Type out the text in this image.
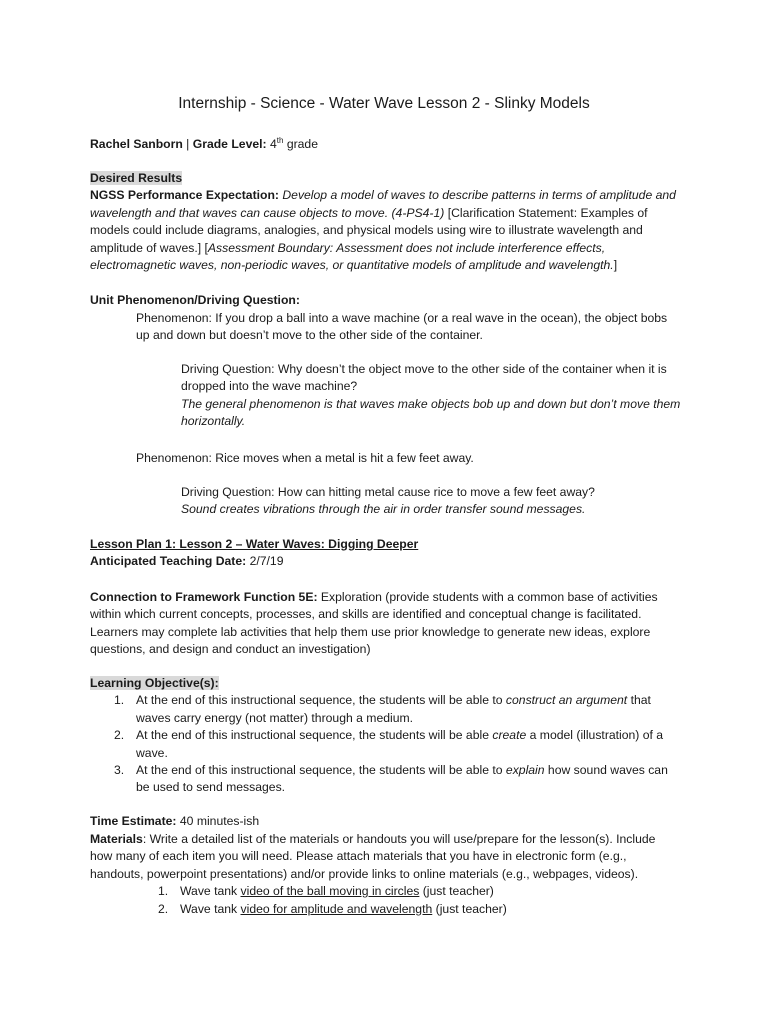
Internship - Science - Water Wave Lesson 2 - Slinky Models
Rachel Sanborn | Grade Level: 4th grade

Desired Results

NGSS Performance Expectation: Develop a model of waves to describe patterns in terms of amplitude and wavelength and that waves can cause objects to move. (4-PS4-1) [Clarification Statement: Examples of models could include diagrams, analogies, and physical models using wire to illustrate wavelength and amplitude of waves.] [Assessment Boundary: Assessment does not include interference effects, electromagnetic waves, non-periodic waves, or quantitative models of amplitude and wavelength.]

Unit Phenomenon/Driving Question:
Phenomenon: If you drop a ball into a wave machine (or a real wave in the ocean), the object bobs up and down but doesn’t move to the other side of the container.

Driving Question: Why doesn’t the object move to the other side of the container when it is dropped into the wave machine?

The general phenomenon is that waves make objects bob up and down but don’t move them horizontally.

Phenomenon: Rice moves when a metal is hit a few feet away.

Driving Question: How can hitting metal cause rice to move a few feet away?

Sound creates vibrations through the air in order transfer sound messages.

Lesson Plan 1: Lesson 2 – Water Waves: Digging Deeper

Anticipated Teaching Date: 2/7/19

Connection to Framework Function 5E: Exploration (provide students with a common base of activities within which current concepts, processes, and skills are identified and conceptual change is facilitated. Learners may complete lab activities that help them use prior knowledge to generate new ideas, explore questions, and design and conduct an investigation)

Learning Objective(s):

1. At the end of this instructional sequence, the students will be able to construct an argument that waves carry energy (not matter) through a medium.
2. At the end of this instructional sequence, the students will be able create a model (illustration) of a wave.
3. At the end of this instructional sequence, the students will be able to explain how sound waves can be used to send messages.
Time Estimate: 40 minutes-ish

Materials: Write a detailed list of the materials or handouts you will use/prepare for the lesson(s). Include how many of each item you will need. Please attach materials that you have in electronic form (e.g., handouts, powerpoint presentations) and/or provide links to online materials (e.g., webpages, videos).

1. Wave tank video of the ball moving in circles (just teacher)
2. Wave tank video for amplitude and wavelength (just teacher)
